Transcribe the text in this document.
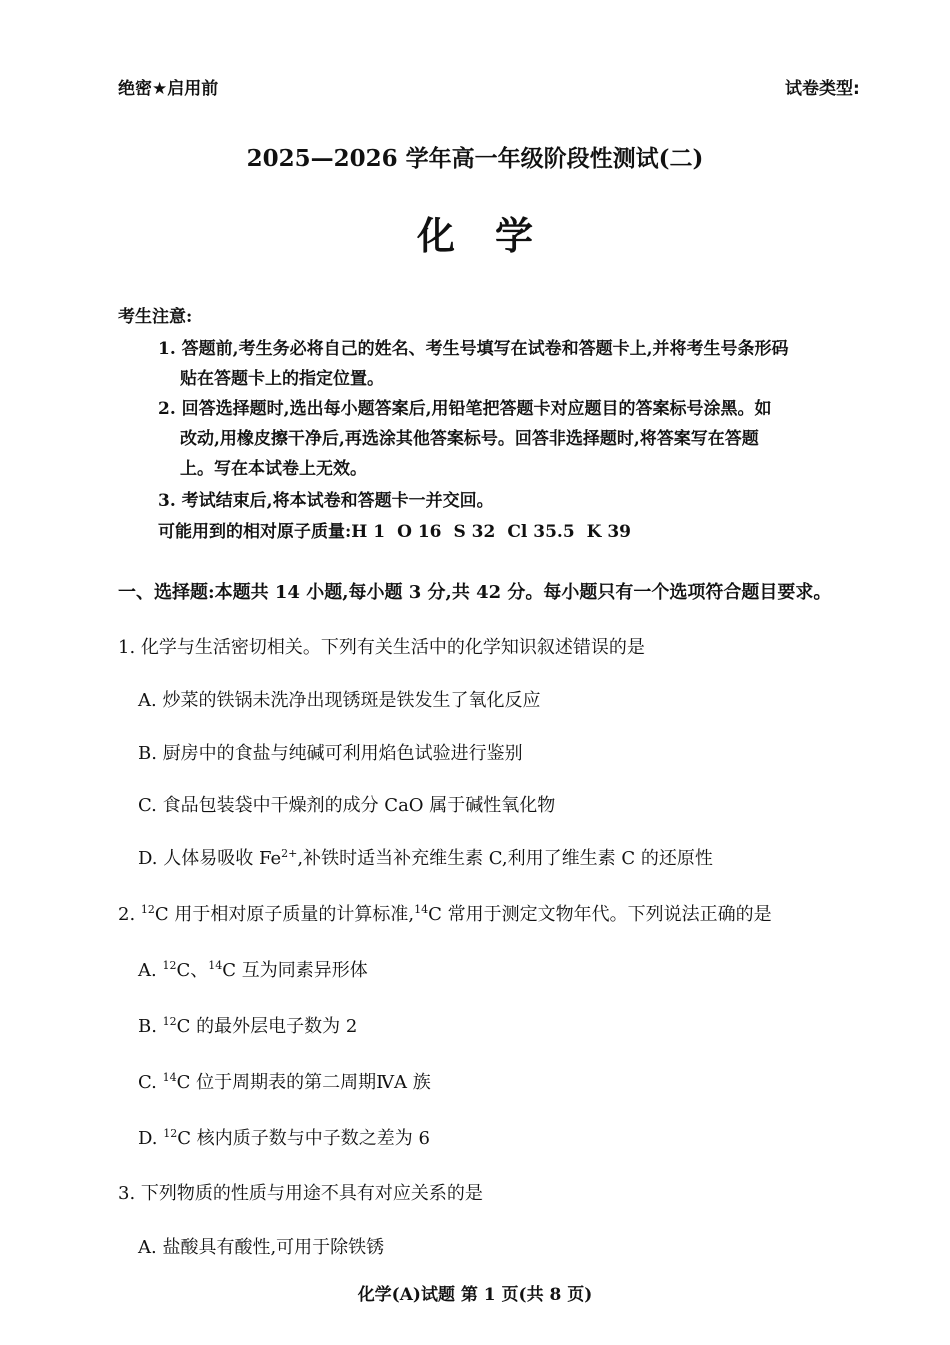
绝密★启用前	试卷类型:
2025—2026 学年高一年级阶段性测试(二)
化学
考生注意:
1. 答题前,考生务必将自己的姓名、考生号填写在试卷和答题卡上,并将考生号条形码
贴在答题卡上的指定位置。
2. 回答选择题时,选出每小题答案后,用铅笔把答题卡对应题目的答案标号涂黑。如
改动,用橡皮擦干净后,再选涂其他答案标号。回答非选择题时,将答案写在答题
上。写在本试卷上无效。
3. 考试结束后,将本试卷和答题卡一并交回。
可能用到的相对原子质量:H 1 O 16 S 32 Cl 35.5 K 39
一、选择题:本题共 14 小题,每小题 3 分,共 42 分。每小题只有一个选项符合题目要求。
1. 化学与生活密切相关。下列有关生活中的化学知识叙述错误的是
A. 炒菜的铁锅未洗净出现锈斑是铁发生了氧化反应
B. 厨房中的食盐与纯碱可利用焰色试验进行鉴别
C. 食品包装袋中干燥剂的成分 CaO 属于碱性氧化物
D. 人体易吸收 $Fe^{2+}$,补铁时适当补充维生素 C,利用了维生素 C 的还原性
2. $^{12}$C 用于相对原子质量的计算标准,$^{14}$C 常用于测定文物年代。下列说法正确的是
A. $^{12}$C、$^{14}$C 互为同素异形体
B. $^{12}$C 的最外层电子数为 2
C. $^{14}$C 位于周期表的第二周期ⅣA 族
D. $^{12}$C 核内质子数与中子数之差为 6
3. 下列物质的性质与用途不具有对应关系的是
A. 盐酸具有酸性,可用于除铁锈
化学(A)试题 第 1 页(共 8 页)
